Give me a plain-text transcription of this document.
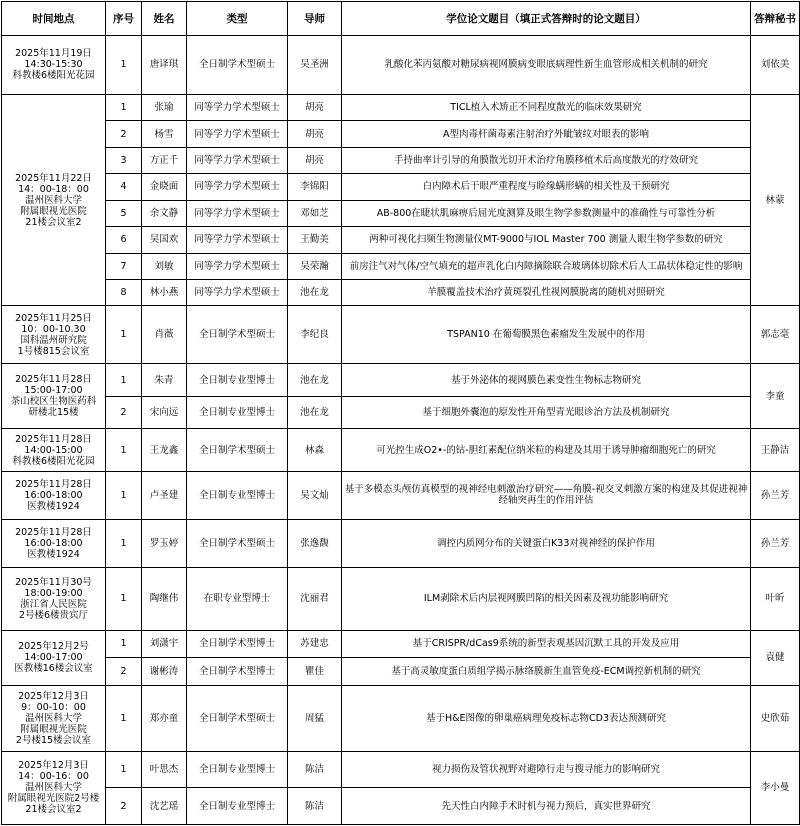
时间地点	序号	姓名	类型	导师	学位论文题目（填正式答辩时的论文题目）	答辩秘书

2025年11月19日
14:30-15:30
科教楼6楼阳光花园	1	唐译琪	全日制学术型硕士	吴圣洲	乳酸化苯丙氨酸对糖尿病视网膜病变眼底病理性新生血管形成相关机制的研究	刘依美

2025年11月22日
14：00-18：00
温州医科大学
附属眼视光医院
21楼会议室2	1	张瑜	同等学力学术型硕士	胡亮	TICL植入术矫正不同程度散光的临床效果研究	林蒙
	2	杨雪	同等学力学术型硕士	胡亮	A型肉毒杆菌毒素注射治疗外眦皱纹对眼表的影响	
	3	方正千	同等学力学术型硕士	胡亮	手持曲率计引导的角膜散光切开术治疗角膜移植术后高度散光的疗效研究	
	4	金晓面	同等学力学术型硕士	李锦阳	白内障术后干眼严重程度与睑缘螨形螨的相关性及干预研究	
	5	余文静	同等学力学术型硕士	邓如芝	AB-800在睫状肌麻痹后屈光度测算及眼生物学参数测量中的准确性与可靠性分析	
	6	吴国欢	同等学力学术型硕士	王勤美	两种可视化扫频生物测量仪MT-9000与IOL Master 700 测量人眼生物学参数的研究	
	7	刘敏	同等学力学术型硕士	吴荣瀚	前房注气对气体/空气填充的超声乳化白内障摘除联合玻璃体切除术后人工晶状体稳定性的影响	
	8	林小燕	同等学力学术型硕士	池在龙	羊膜覆盖技术治疗黄斑裂孔性视网膜脱离的随机对照研究	

2025年11月25日
10：00-10.30
国科温州研究院
1号楼815会议室	1	肖薇	全日制学术型硕士	李纪良	TSPAN10 在葡萄膜黑色素瘤发生发展中的作用	郭志毫

2025年11月28日
15:00-17:00
茶山校区生物医药科
研楼北15楼	1	朱青	全日制专业型博士	池在龙	基于外泌体的视网膜色素变性生物标志物研究	李童
	2	宋向远	全日制专业型博士	池在龙	基于细胞外囊泡的原发性开角型青光眼诊治方法及机制研究	

2025年11月28日
14:00-15:00
科教楼6楼阳光花园	1	王龙鑫	全日制学术型硕士	林森	可光控生成O2•-的钴-胆红素配位纳米粒的构建及其用于诱导肿瘤细胞死亡的研究	王静洁

2025年11月28日
16:00-18:00
医教楼1924	1	卢圣建	全日制专业型博士	吴文灿	基于多模态头颅仿真模型的视神经电刺激治疗研究——角膜-视交叉刺激方案的构建及其促进视神经轴突再生的作用评估	孙兰芳

2025年11月28日
16:00-18:00
医教楼1924	1	罗玉婷	全日制学术型硕士	张逸馥	调控内质网分布的关键蛋白K33对视神经的保护作用	孙兰芳

2025年11月30号
18:00-19:00
浙江省人民医院
2号楼6楼贵宾厅	1	陶继伟	在职专业型博士	沈丽君	ILM剥除术后内层视网膜凹陷的相关因素及视功能影响研究	叶昕

2025年12月2号
14:00-17:00
医教楼16楼会议室	1	刘潇宇	全日制学术型博士	苏建忠	基于CRISPR/dCas9系统的新型表观基因沉默工具的开发及应用	袁健
	2	谢彬涛	全日制学术型博士	瞿佳	基于高灵敏度蛋白质组学揭示脉络膜新生血管免疫-ECM调控新机制的研究	

2025年12月3日
9：00-10：00
温州医科大学
附属眼视光医院
2号楼15楼会议室	1	郑亦童	全日制学术型硕士	周猛	基于H&E图像的卵巢癌病理免疫标志物CD3表达预测研究	史欣茹

2025年12月3日
14：00-16：00
温州医科大学
附属眼视光医院2号楼
21楼会议室2	1	叶思杰	全日制专业型博士	陈洁	视力损伤及管状视野对避障行走与搜寻能力的影响研究	李小曼
	2	沈艺瑶	全日制专业型博士	陈洁	先天性白内障手术时机与视力预后，真实世界研究	
